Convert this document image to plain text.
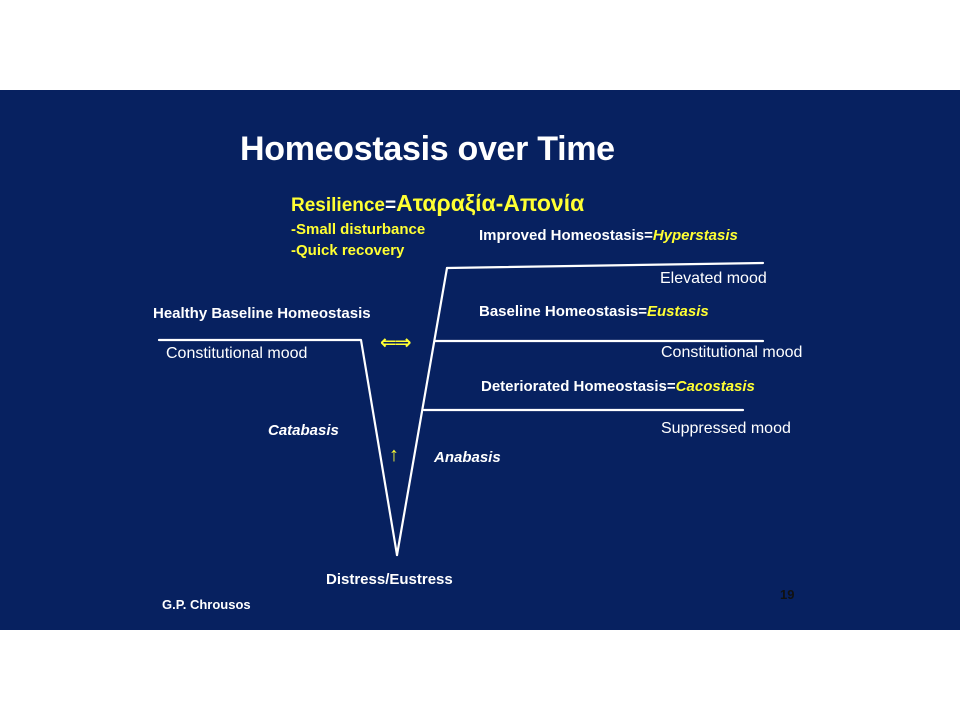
Homeostasis over Time
Resilience=Αταραξία-Απονία
-Small disturbance
-Quick recovery
Improved Homeostasis=Hyperstasis
Elevated mood
Baseline Homeostasis=Eustasis
Constitutional mood
Deteriorated Homeostasis=Cacostasis
Suppressed mood
Healthy Baseline Homeostasis
Constitutional mood	⇐⇒
↑
Catabasis
Anabasis
Distress/Eustress
G.P. Chrousos
19
